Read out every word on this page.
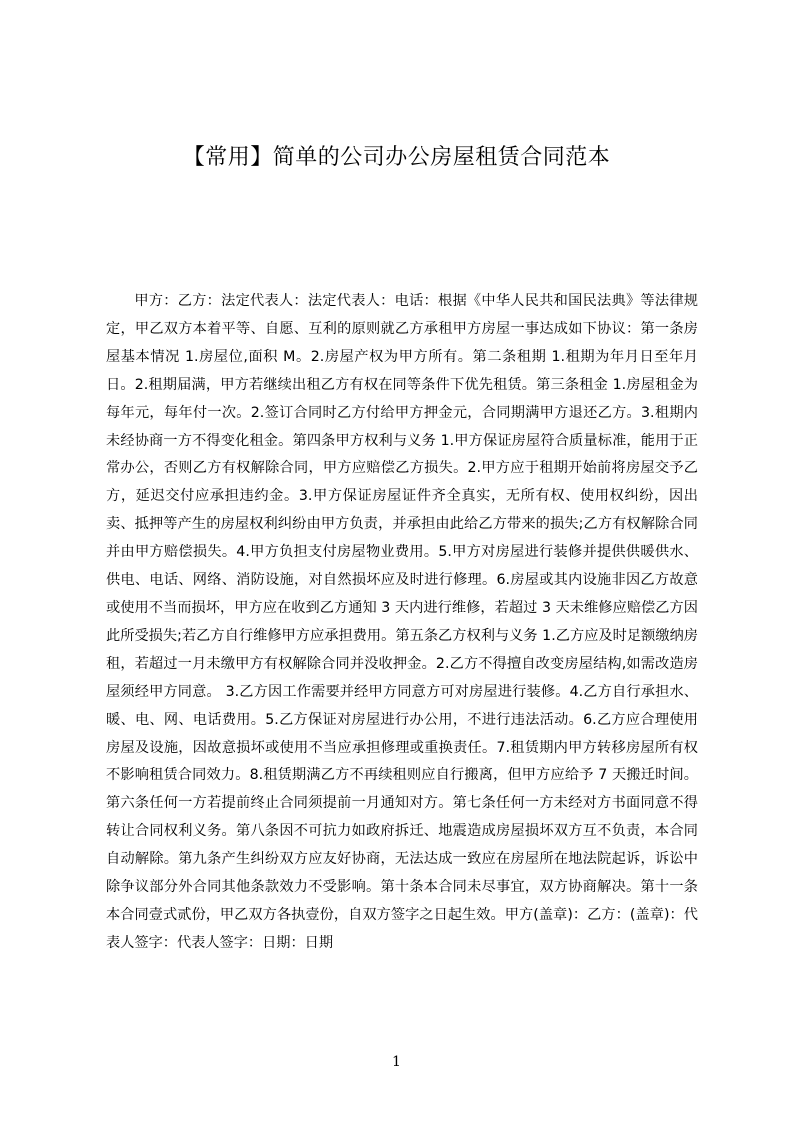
【常用】简单的公司办公房屋租赁合同范本

甲方：乙方：法定代表人：法定代表人：电话：根据《中华人民共和国民法典》等法律规定，甲乙双方本着平等、自愿、互利的原则就乙方承租甲方房屋一事达成如下协议：第一条房屋基本情况 1.房屋位,面积 M。2.房屋产权为甲方所有。第二条租期 1.租期为年月日至年月日。2.租期届满，甲方若继续出租乙方有权在同等条件下优先租赁。第三条租金 1.房屋租金为每年元，每年付一次。2.签订合同时乙方付给甲方押金元，合同期满甲方退还乙方。3.租期内未经协商一方不得变化租金。第四条甲方权利与义务 1.甲方保证房屋符合质量标准，能用于正常办公，否则乙方有权解除合同，甲方应赔偿乙方损失。2.甲方应于租期开始前将房屋交予乙方，延迟交付应承担违约金。3.甲方保证房屋证件齐全真实，无所有权、使用权纠纷，因出卖、抵押等产生的房屋权利纠纷由甲方负责，并承担由此给乙方带来的损失;乙方有权解除合同并由甲方赔偿损失。4.甲方负担支付房屋物业费用。5.甲方对房屋进行装修并提供供暖供水、供电、电话、网络、消防设施，对自然损坏应及时进行修理。6.房屋或其内设施非因乙方故意或使用不当而损坏，甲方应在收到乙方通知 3 天内进行维修，若超过 3 天未维修应赔偿乙方因此所受损失;若乙方自行维修甲方应承担费用。第五条乙方权利与义务 1.乙方应及时足额缴纳房租，若超过一月未缴甲方有权解除合同并没收押金。2.乙方不得擅自改变房屋结构,如需改造房屋须经甲方同意。 3.乙方因工作需要并经甲方同意方可对房屋进行装修。4.乙方自行承担水、暖、电、网、电话费用。5.乙方保证对房屋进行办公用，不进行违法活动。6.乙方应合理使用房屋及设施，因故意损坏或使用不当应承担修理或重换责任。7.租赁期内甲方转移房屋所有权不影响租赁合同效力。8.租赁期满乙方不再续租则应自行搬离，但甲方应给予 7 天搬迁时间。第六条任何一方若提前终止合同须提前一月通知对方。第七条任何一方未经对方书面同意不得转让合同权利义务。第八条因不可抗力如政府拆迁、地震造成房屋损坏双方互不负责，本合同自动解除。第九条产生纠纷双方应友好协商，无法达成一致应在房屋所在地法院起诉，诉讼中除争议部分外合同其他条款效力不受影响。第十条本合同未尽事宜，双方协商解决。第十一条本合同壹式贰份，甲乙双方各执壹份，自双方签字之日起生效。甲方(盖章)：乙方：(盖章)：代表人签字：代表人签字：日期：日期

1
